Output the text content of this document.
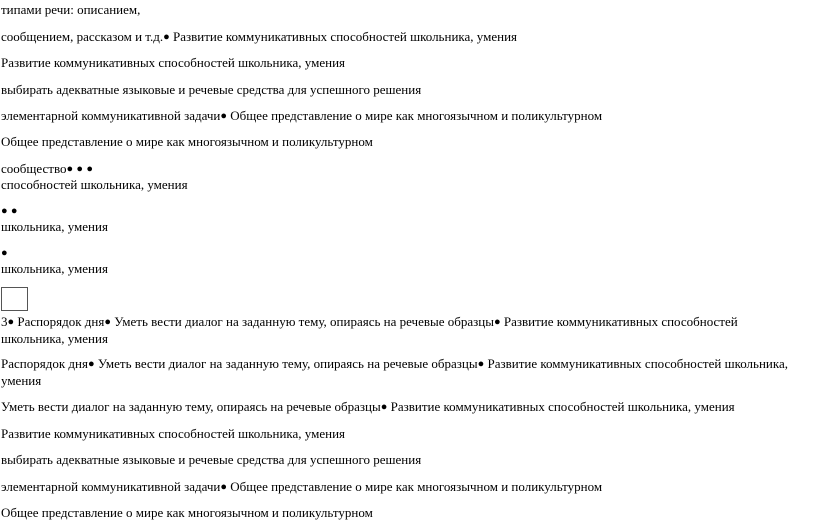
типами речи: описанием,
сообщением, рассказом и т.д.● Развитие коммуникативных способностей школьника, умения
Развитие коммуникативных способностей школьника, умения
выбирать адекватные языковые и речевые средства для успешного решения
элементарной коммуникативной задачи● Общее представление о мире как многоязычном и поликультурном
Общее представление о мире как многоязычном и поликультурном
сообщество● ● ●
способностей школьника, умения
● ●
школьника, умения
●
школьника, умения
3● Распорядок дня● Уметь вести диалог на заданную тему, опираясь на речевые образцы● Развитие коммуникативных способностей школьника, умения
Распорядок дня● Уметь вести диалог на заданную тему, опираясь на речевые образцы● Развитие коммуникативных способностей школьника, умения
Уметь вести диалог на заданную тему, опираясь на речевые образцы● Развитие коммуникативных способностей школьника, умения
Развитие коммуникативных способностей школьника, умения
выбирать адекватные языковые и речевые средства для успешного решения
элементарной коммуникативной задачи● Общее представление о мире как многоязычном и поликультурном
Общее представление о мире как многоязычном и поликультурном
